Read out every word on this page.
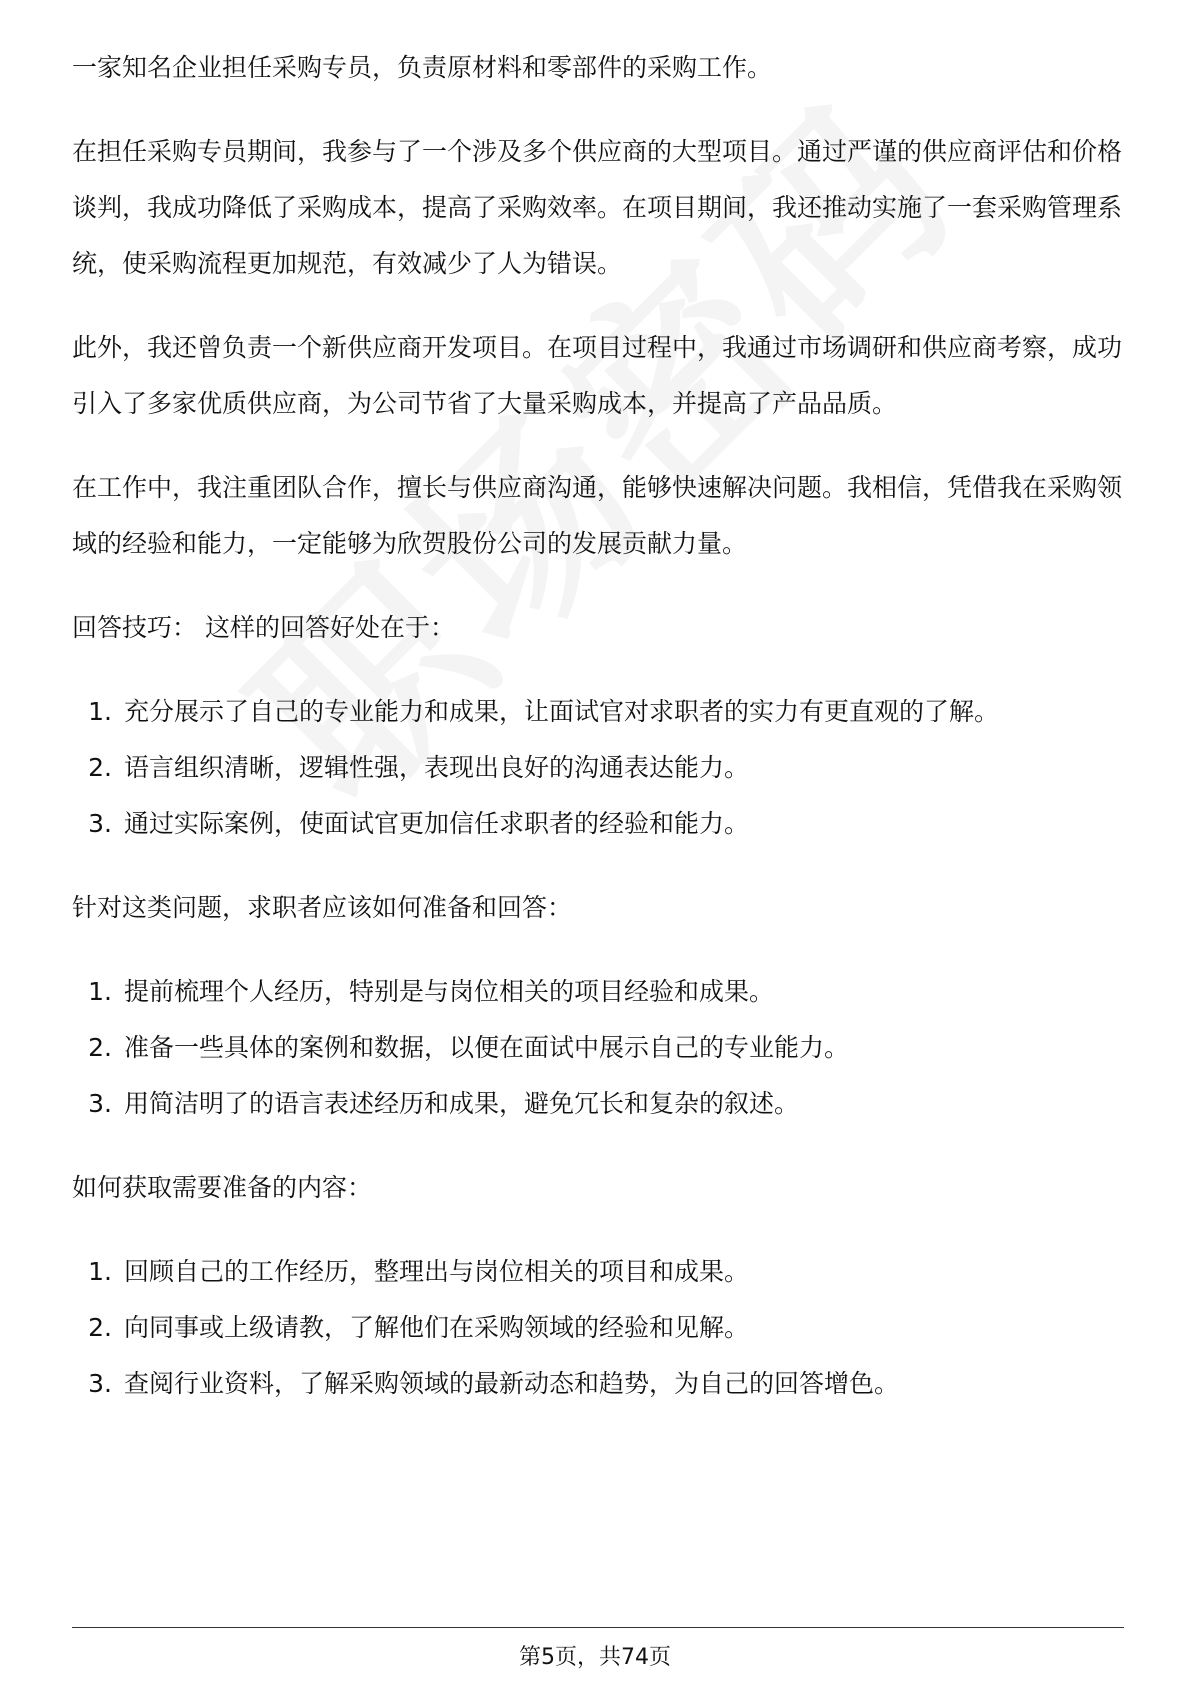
一家知名企业担任采购专员，负责原材料和零部件的采购工作。

在担任采购专员期间，我参与了一个涉及多个供应商的大型项目。通过严谨的供应商评估和价格谈判，我成功降低了采购成本，提高了采购效率。在项目期间，我还推动实施了一套采购管理系统，使采购流程更加规范，有效减少了人为错误。

此外，我还曾负责一个新供应商开发项目。在项目过程中，我通过市场调研和供应商考察，成功引入了多家优质供应商，为公司节省了大量采购成本，并提高了产品品质。

在工作中，我注重团队合作，擅长与供应商沟通，能够快速解决问题。我相信，凭借我在采购领域的经验和能力，一定能够为欣贺股份公司的发展贡献力量。

回答技巧： 这样的回答好处在于：

1. 充分展示了自己的专业能力和成果，让面试官对求职者的实力有更直观的了解。
2. 语言组织清晰，逻辑性强，表现出良好的沟通表达能力。
3. 通过实际案例，使面试官更加信任求职者的经验和能力。

针对这类问题，求职者应该如何准备和回答：

1. 提前梳理个人经历，特别是与岗位相关的项目经验和成果。
2. 准备一些具体的案例和数据，以便在面试中展示自己的专业能力。
3. 用简洁明了的语言表述经历和成果，避免冗长和复杂的叙述。

如何获取需要准备的内容：

1. 回顾自己的工作经历，整理出与岗位相关的项目和成果。
2. 向同事或上级请教，了解他们在采购领域的经验和见解。
3. 查阅行业资料，了解采购领域的最新动态和趋势，为自己的回答增色。
第5页，共74页
